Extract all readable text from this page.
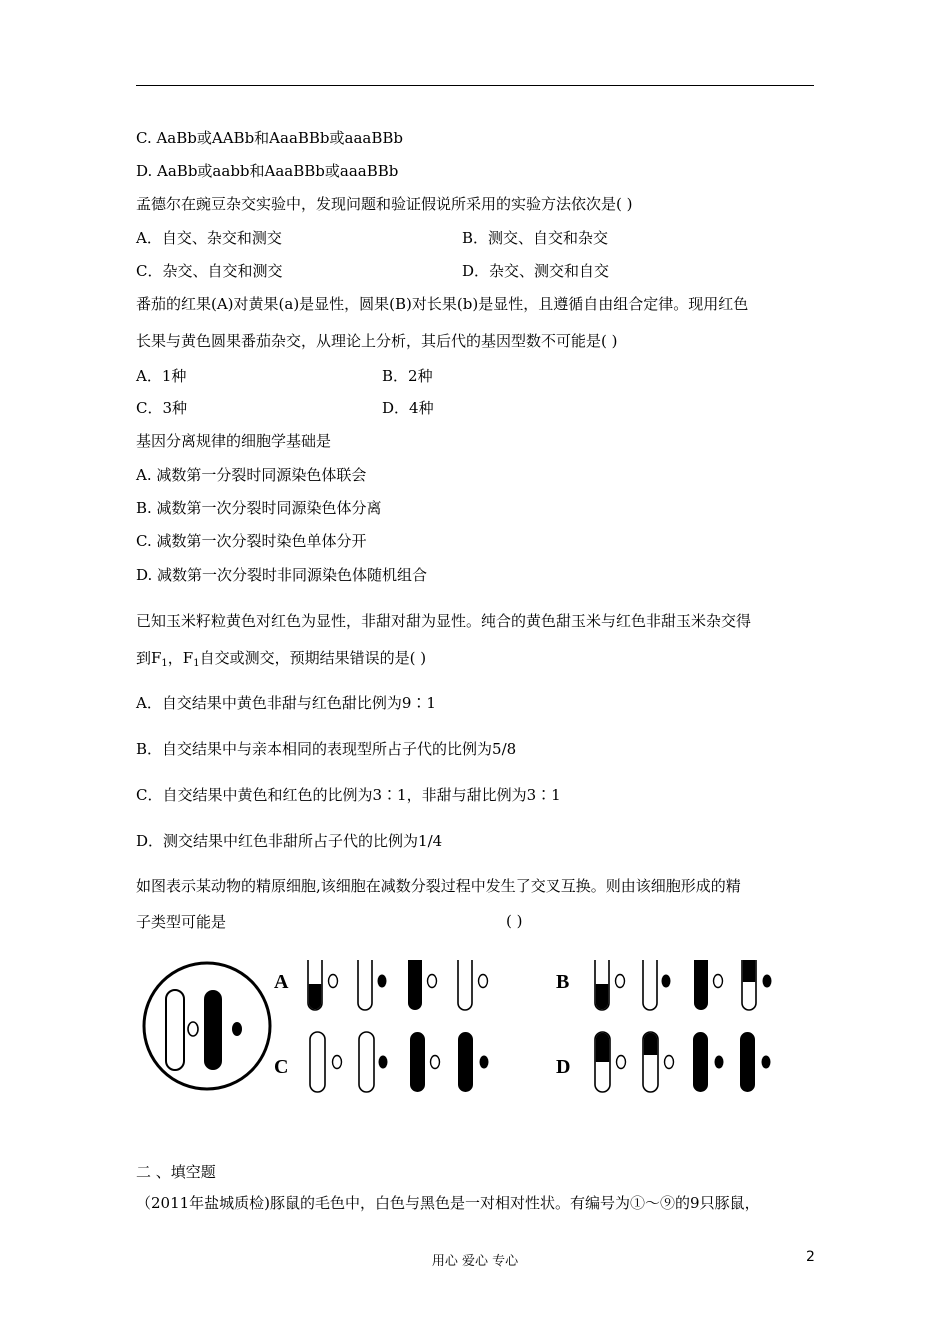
C. AaBb或AABb和AaaBBb或aaaBBb
D. AaBb或aabb和AaaBBb或aaaBBb
孟德尔在豌豆杂交实验中，发现问题和验证假说所采用的实验方法依次是( )
A．自交、杂交和测交	B．测交、自交和杂交
C．杂交、自交和测交	D．杂交、测交和自交
番茄的红果(A)对黄果(a)是显性，圆果(B)对长果(b)是显性，且遵循自由组合定律。现用红色
长果与黄色圆果番茄杂交，从理论上分析，其后代的基因型数不可能是( )
A．1种	B．2种
C．3种	D．4种
基因分离规律的细胞学基础是
A. 减数第一分裂时同源染色体联会
B. 减数第一次分裂时同源染色体分离
C. 减数第一次分裂时染色单体分开
D. 减数第一次分裂时非同源染色体随机组合
已知玉米籽粒黄色对红色为显性，非甜对甜为显性。纯合的黄色甜玉米与红色非甜玉米杂交得
到$F_1$，$F_1$自交或测交，预期结果错误的是( )
A．自交结果中黄色非甜与红色甜比例为9∶1
B．自交结果中与亲本相同的表现型所占子代的比例为5/8
C．自交结果中黄色和红色的比例为3∶1，非甜与甜比例为3∶1
D．测交结果中红色非甜所占子代的比例为1/4
如图表示某动物的精原细胞,该细胞在减数分裂过程中发生了交叉互换。则由该细胞形成的精
子类型可能是	( )
A	B
C	D
二 、填空题
（2011年盐城质检)豚鼠的毛色中，白色与黑色是一对相对性状。有编号为①～⑨的9只豚鼠，
用心 爱心 专心	2
